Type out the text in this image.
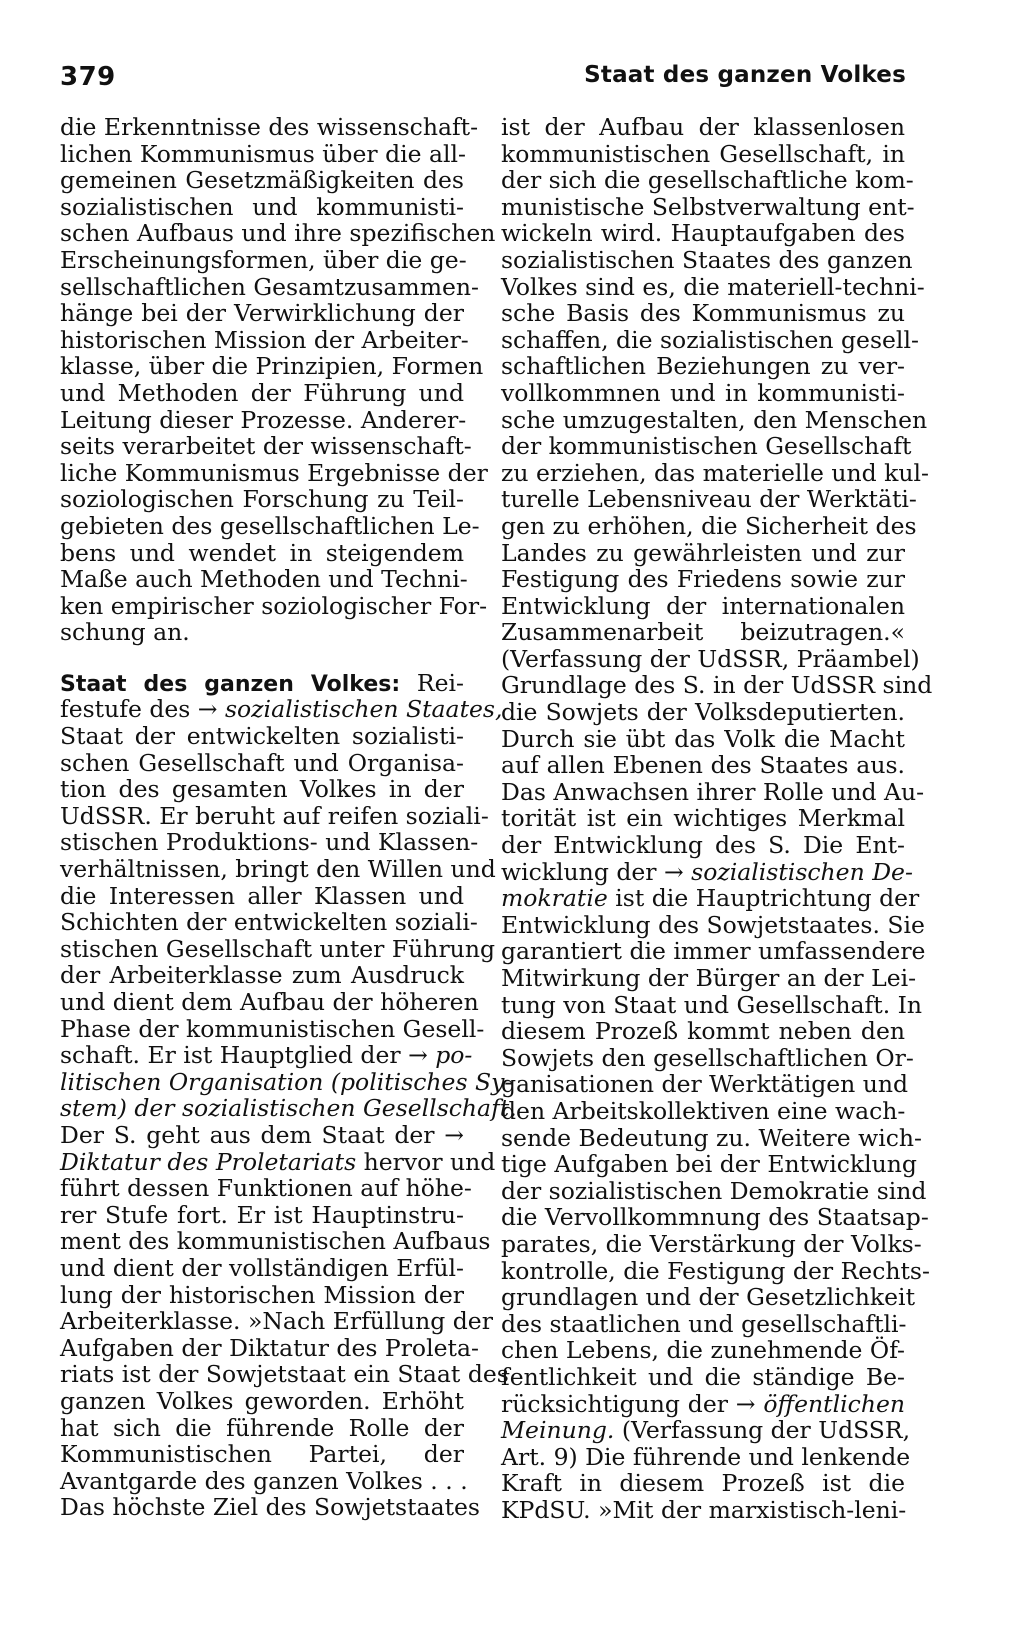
379	Staat des ganzen Volkes
die Erkenntnisse des wissenschaft-
lichen Kommunismus über die all-
gemeinen Gesetzmäßigkeiten des
sozialistischen und kommunisti-
schen Aufbaus und ihre spezifischen
Erscheinungsformen, über die ge-
sellschaftlichen Gesamtzusammen-
hänge bei der Verwirklichung der
historischen Mission der Arbeiter-
klasse, über die Prinzipien, Formen
und Methoden der Führung und
Leitung dieser Prozesse. Anderer-
seits verarbeitet der wissenschaft-
liche Kommunismus Ergebnisse der
soziologischen Forschung zu Teil-
gebieten des gesellschaftlichen Le-
bens und wendet in steigendem
Maße auch Methoden und Techni-
ken empirischer soziologischer For-
schung an.
Staat des ganzen Volkes: Rei-
festufe des → sozialistischen Staates,
Staat der entwickelten sozialisti-
schen Gesellschaft und Organisa-
tion des gesamten Volkes in der
UdSSR. Er beruht auf reifen soziali-
stischen Produktions- und Klassen-
verhältnissen, bringt den Willen und
die Interessen aller Klassen und
Schichten der entwickelten soziali-
stischen Gesellschaft unter Führung
der Arbeiterklasse zum Ausdruck
und dient dem Aufbau der höheren
Phase der kommunistischen Gesell-
schaft. Er ist Hauptglied der → po-
litischen Organisation (politisches Sy-
stem) der sozialistischen Gesellschaft.
Der S. geht aus dem Staat der →
Diktatur des Proletariats hervor und
führt dessen Funktionen auf höhe-
rer Stufe fort. Er ist Hauptinstru-
ment des kommunistischen Aufbaus
und dient der vollständigen Erfül-
lung der historischen Mission der
Arbeiterklasse. »Nach Erfüllung der
Aufgaben der Diktatur des Proleta-
riats ist der Sowjetstaat ein Staat des
ganzen Volkes geworden. Erhöht
hat sich die führende Rolle der
Kommunistischen Partei, der
Avantgarde des ganzen Volkes . . .
Das höchste Ziel des Sowjetstaates
ist der Aufbau der klassenlosen
kommunistischen Gesellschaft, in
der sich die gesellschaftliche kom-
munistische Selbstverwaltung ent-
wickeln wird. Hauptaufgaben des
sozialistischen Staates des ganzen
Volkes sind es, die materiell-techni-
sche Basis des Kommunismus zu
schaffen, die sozialistischen gesell-
schaftlichen Beziehungen zu ver-
vollkommnen und in kommunisti-
sche umzugestalten, den Menschen
der kommunistischen Gesellschaft
zu erziehen, das materielle und kul-
turelle Lebensniveau der Werktäti-
gen zu erhöhen, die Sicherheit des
Landes zu gewährleisten und zur
Festigung des Friedens sowie zur
Entwicklung der internationalen
Zusammenarbeit beizutragen.«
(Verfassung der UdSSR, Präambel)
Grundlage des S. in der UdSSR sind
die Sowjets der Volksdeputierten.
Durch sie übt das Volk die Macht
auf allen Ebenen des Staates aus.
Das Anwachsen ihrer Rolle und Au-
torität ist ein wichtiges Merkmal
der Entwicklung des S. Die Ent-
wicklung der → sozialistischen De-
mokratie ist die Hauptrichtung der
Entwicklung des Sowjetstaates. Sie
garantiert die immer umfassendere
Mitwirkung der Bürger an der Lei-
tung von Staat und Gesellschaft. In
diesem Prozeß kommt neben den
Sowjets den gesellschaftlichen Or-
ganisationen der Werktätigen und
den Arbeitskollektiven eine wach-
sende Bedeutung zu. Weitere wich-
tige Aufgaben bei der Entwicklung
der sozialistischen Demokratie sind
die Vervollkommnung des Staatsap-
parates, die Verstärkung der Volks-
kontrolle, die Festigung der Rechts-
grundlagen und der Gesetzlichkeit
des staatlichen und gesellschaftli-
chen Lebens, die zunehmende Öf-
fentlichkeit und die ständige Be-
rücksichtigung der → öffentlichen
Meinung. (Verfassung der UdSSR,
Art. 9) Die führende und lenkende
Kraft in diesem Prozeß ist die
KPdSU. »Mit der marxistisch-leni-
